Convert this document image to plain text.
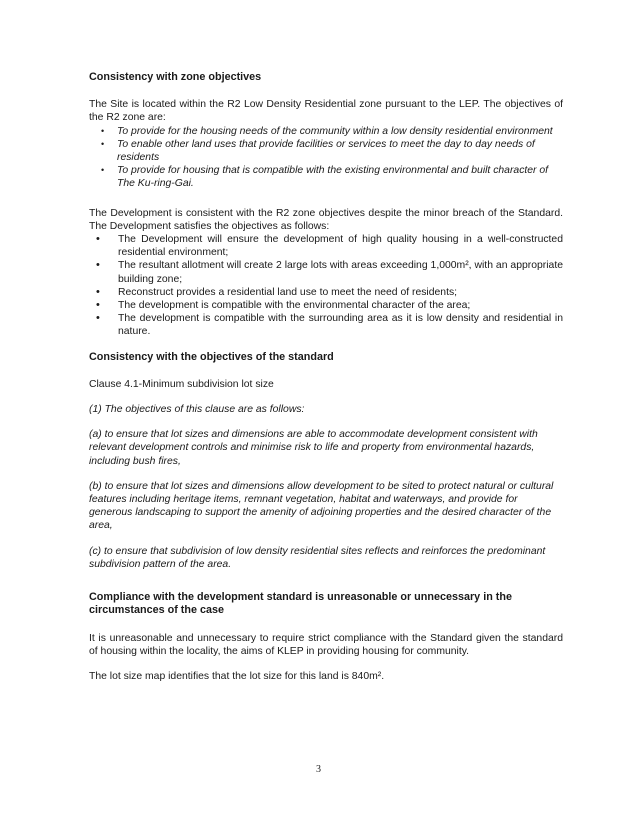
Consistency with zone objectives

The Site is located within the R2 Low Density Residential zone pursuant to the LEP. The objectives of the R2 zone are:

• To provide for the housing needs of the community within a low density residential environment
• To enable other land uses that provide facilities or services to meet the day to day needs of residents
• To provide for housing that is compatible with the existing environmental and built character of The Ku-ring-Gai.

The Development is consistent with the R2 zone objectives despite the minor breach of the Standard. The Development satisfies the objectives as follows:

• The Development will ensure the development of high quality housing in a well-constructed residential environment;
• The resultant allotment will create 2 large lots with areas exceeding 1,000m², with an appropriate building zone;
• Reconstruct provides a residential land use to meet the need of residents;
• The development is compatible with the environmental character of the area;
• The development is compatible with the surrounding area as it is low density and residential in nature.

Consistency with the objectives of the standard

Clause 4.1-Minimum subdivision lot size

(1) The objectives of this clause are as follows:

(a) to ensure that lot sizes and dimensions are able to accommodate development consistent with relevant development controls and minimise risk to life and property from environmental hazards, including bush fires,

(b) to ensure that lot sizes and dimensions allow development to be sited to protect natural or cultural features including heritage items, remnant vegetation, habitat and waterways, and provide for generous landscaping to support the amenity of adjoining properties and the desired character of the area,

(c) to ensure that subdivision of low density residential sites reflects and reinforces the predominant subdivision pattern of the area.

Compliance with the development standard is unreasonable or unnecessary in the circumstances of the case

It is unreasonable and unnecessary to require strict compliance with the Standard given the standard of housing within the locality, the aims of KLEP in providing housing for community.

The lot size map identifies that the lot size for this land is 840m².

3
